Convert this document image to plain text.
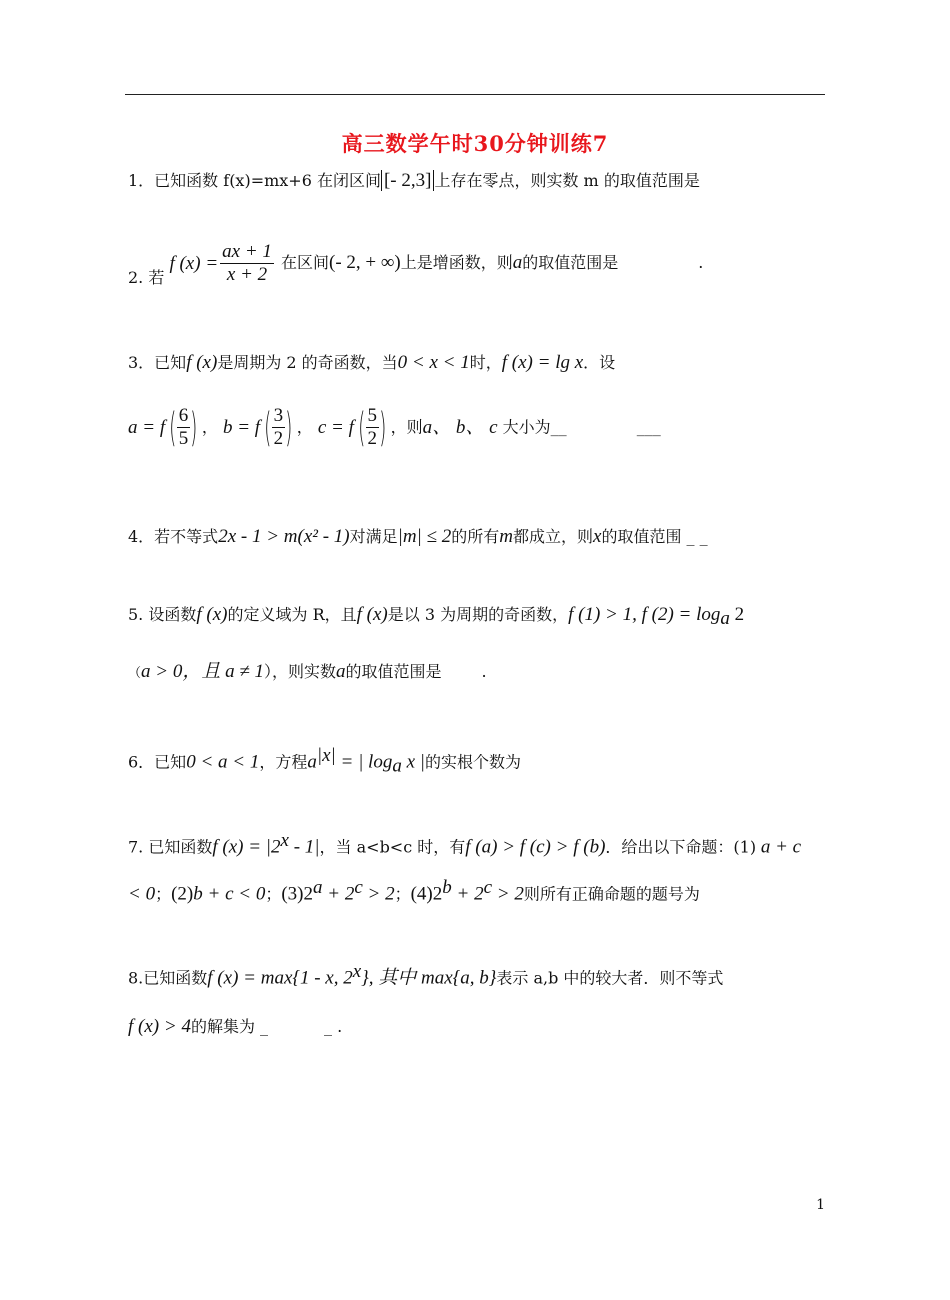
高三数学午时30分钟训练7
1．已知函数 f(x)=mx+6 在闭区间 [- 2,3] 上存在零点，则实数 m 的取值范围是
2. 若 f $(x) = \frac{ax + 1}{x + 2}$ 在区间(- 2, + ∞)上是增函数，则a的取值范围是	.
3．已知f (x)是周期为 2 的奇函数，当0 < x < 1时，f (x) = lg x．设
a = f ( $\frac{6}{5}$ ) ， b = f ( $\frac{3}{2}$ ) ， c = f ( $\frac{5}{2}$ ) ，则a、 b、 c 大小为__	___
4．若不等式2x - 1 > m(x² - 1)对满足|m| ≤ 2的所有m都成立，则x的取值范围 _ _
5. 设函数f (x)的定义域为 R，且f (x)是以 3 为周期的奇函数，f (1) > 1, f $(2) = \log_a 2$
（a > 0，且 a ≠ 1），则实数a的取值范围是	.
6．已知0 < a < 1，方程$a^{|x|}$ = | $\log_a x$ |的实根个数为
7. 已知函数f $(x) = |2^x - 1|$，当 a<b<c 时，有f (a) > f (c) > f (b)．给出以下命题：(1) a + c
< 0；(2)b + c < 0；$(3)2^a + 2^c > 2$；$(4)2^b + 2^c > 2$则所有正确命题的题号为
8.已知函数f (x) = max{1 - x, 2$^x$}, 其中 max{a, b}表示 a,b 中的较大者．则不等式
f (x) > 4的解集为 _	_ .
1
